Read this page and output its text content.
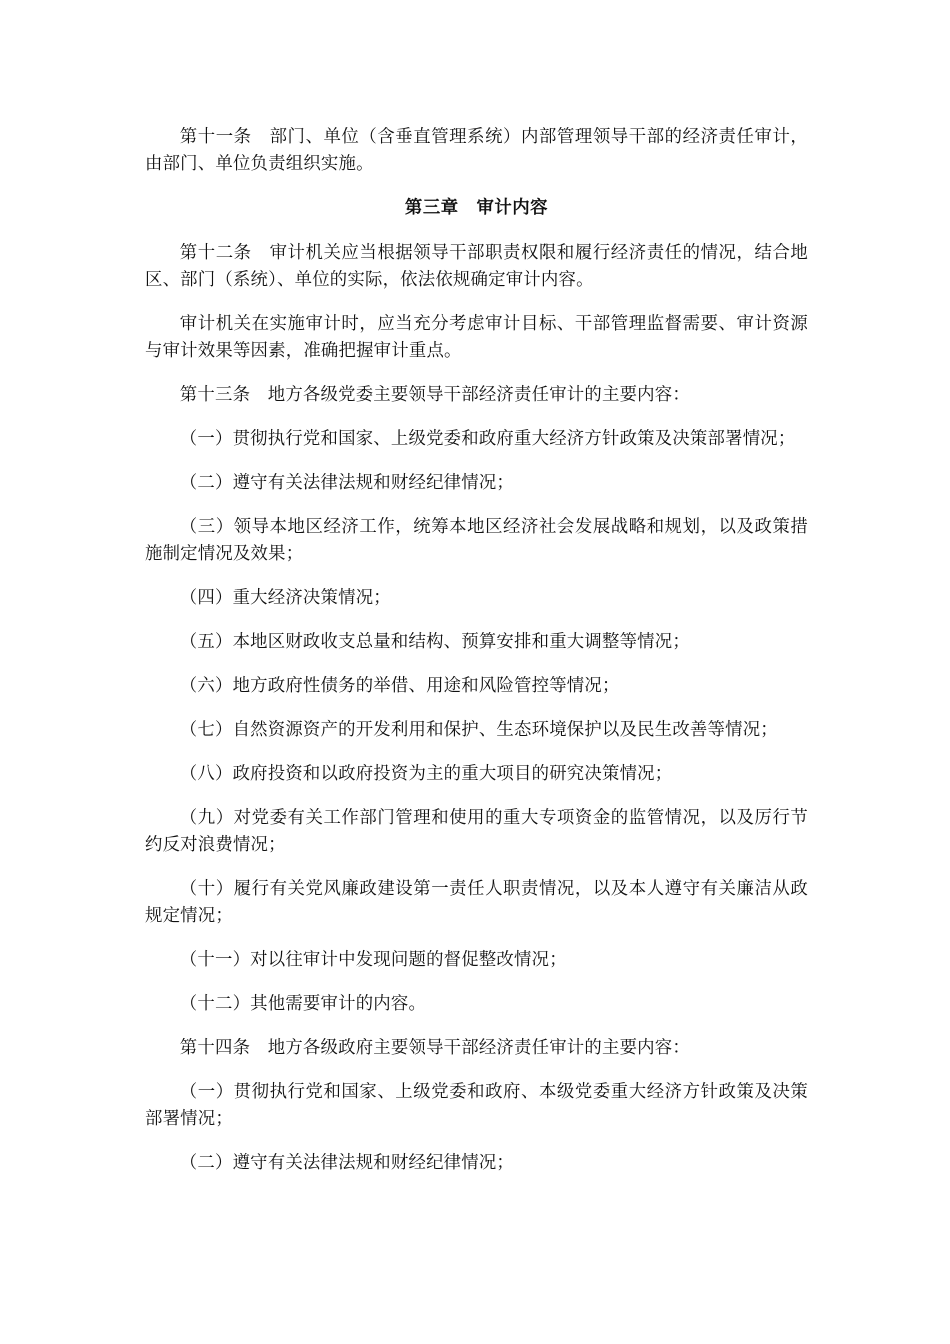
第十一条　部门、单位（含垂直管理系统）内部管理领导干部的经济责任审计，由部门、单位负责组织实施。

第三章　审计内容

第十二条　审计机关应当根据领导干部职责权限和履行经济责任的情况，结合地区、部门（系统）、单位的实际，依法依规确定审计内容。

审计机关在实施审计时，应当充分考虑审计目标、干部管理监督需要、审计资源与审计效果等因素，准确把握审计重点。

第十三条　地方各级党委主要领导干部经济责任审计的主要内容：

（一）贯彻执行党和国家、上级党委和政府重大经济方针政策及决策部署情况；

（二）遵守有关法律法规和财经纪律情况；

（三）领导本地区经济工作，统筹本地区经济社会发展战略和规划，以及政策措施制定情况及效果；

（四）重大经济决策情况；

（五）本地区财政收支总量和结构、预算安排和重大调整等情况；

（六）地方政府性债务的举借、用途和风险管控等情况；

（七）自然资源资产的开发利用和保护、生态环境保护以及民生改善等情况；

（八）政府投资和以政府投资为主的重大项目的研究决策情况；

（九）对党委有关工作部门管理和使用的重大专项资金的监管情况，以及厉行节约反对浪费情况；

（十）履行有关党风廉政建设第一责任人职责情况，以及本人遵守有关廉洁从政规定情况；

（十一）对以往审计中发现问题的督促整改情况；

（十二）其他需要审计的内容。

第十四条　地方各级政府主要领导干部经济责任审计的主要内容：

（一）贯彻执行党和国家、上级党委和政府、本级党委重大经济方针政策及决策部署情况；

（二）遵守有关法律法规和财经纪律情况；
